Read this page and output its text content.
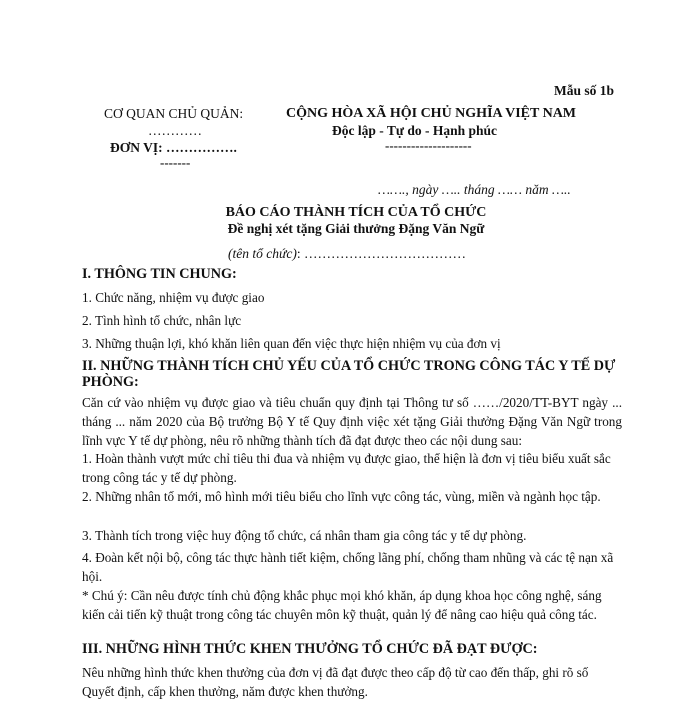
Mẫu số 1b
CƠ QUAN CHỦ QUẢN:
…………
ĐƠN VỊ: …………….
-------
CỘNG HÒA XÃ HỘI CHỦ NGHĨA VIỆT NAM
Độc lập - Tự do - Hạnh phúc
--------------------
……., ngày ….. tháng …… năm …..
BÁO CÁO THÀNH TÍCH CỦA TỔ CHỨC
Đề nghị xét tặng Giải thưởng Đặng Văn Ngữ
(tên tổ chức): ………………………………
I. THÔNG TIN CHUNG:
1. Chức năng, nhiệm vụ được giao
2. Tình hình tổ chức, nhân lực
3. Những thuận lợi, khó khăn liên quan đến việc thực hiện nhiệm vụ của đơn vị
II. NHỮNG THÀNH TÍCH CHỦ YẾU CỦA TỔ CHỨC TRONG CÔNG TÁC Y TẾ DỰ PHÒNG:
Căn cứ vào nhiệm vụ được giao và tiêu chuẩn quy định tại Thông tư số ……/2020/TT-BYT ngày ... tháng ... năm 2020 của Bộ trưởng Bộ Y tế Quy định việc xét tặng Giải thưởng Đặng Văn Ngữ trong lĩnh vực Y tế dự phòng, nêu rõ những thành tích đã đạt được theo các nội dung sau:
1. Hoàn thành vượt mức chỉ tiêu thi đua và nhiệm vụ được giao, thể hiện là đơn vị tiêu biểu xuất sắc trong công tác y tế dự phòng.
2. Những nhân tố mới, mô hình mới tiêu biểu cho lĩnh vực công tác, vùng, miền và ngành học tập.
3. Thành tích trong việc huy động tổ chức, cá nhân tham gia công tác y tế dự phòng.
4. Đoàn kết nội bộ, công tác thực hành tiết kiệm, chống lãng phí, chống tham nhũng và các tệ nạn xã hội.
* Chú ý: Cần nêu được tính chủ động khắc phục mọi khó khăn, áp dụng khoa học công nghệ, sáng kiến cải tiến kỹ thuật trong công tác chuyên môn kỹ thuật, quản lý để nâng cao hiệu quả công tác.
III. NHỮNG HÌNH THỨC KHEN THƯỞNG TỔ CHỨC ĐÃ ĐẠT ĐƯỢC:
Nêu những hình thức khen thưởng của đơn vị đã đạt được theo cấp độ từ cao đến thấp, ghi rõ số Quyết định, cấp khen thưởng, năm được khen thưởng.
